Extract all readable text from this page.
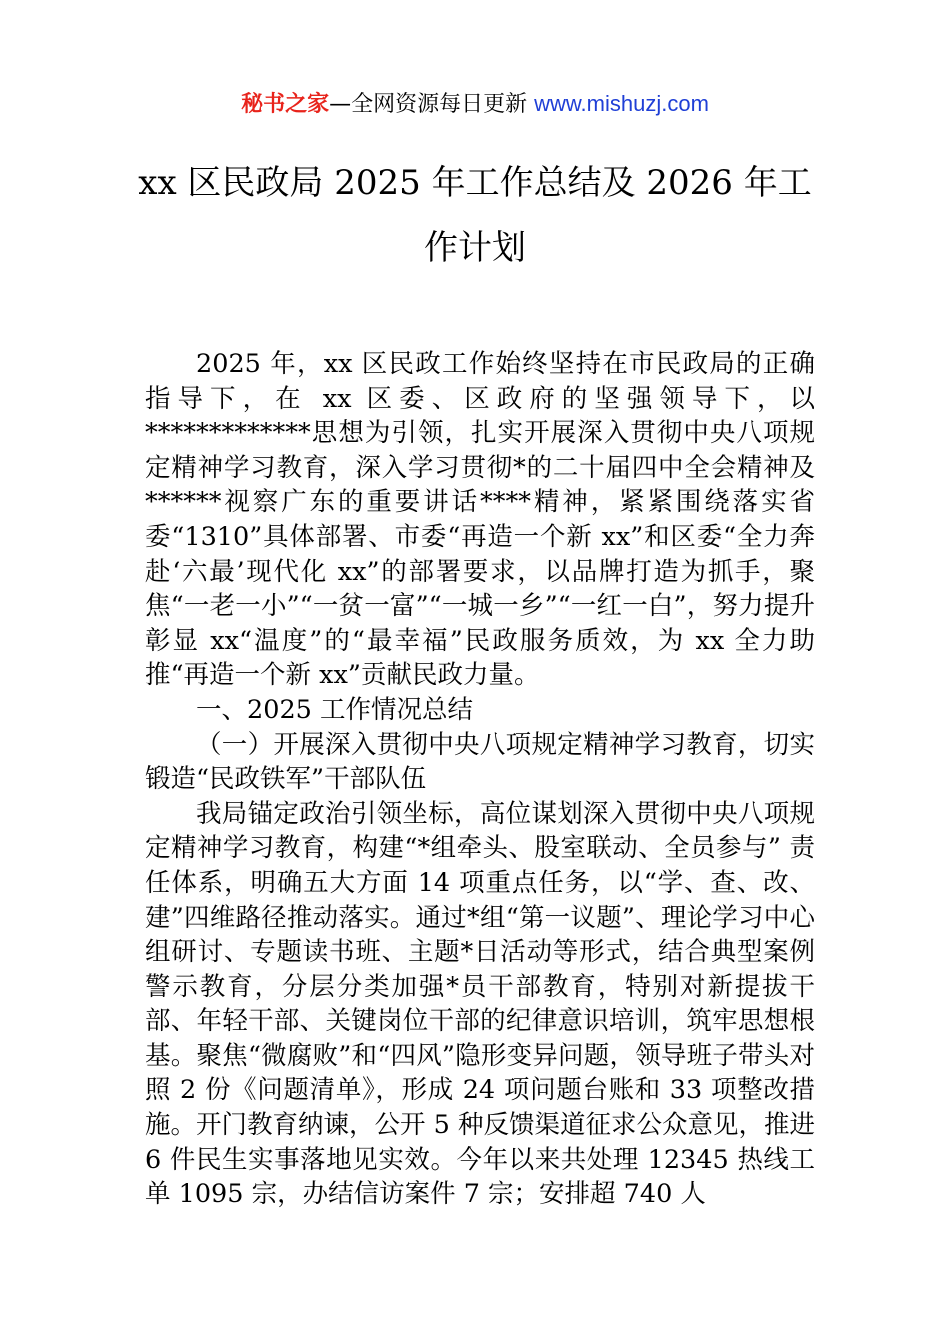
秘书之家—全网资源每日更新 www.mishuzj.com
xx 区民政局 2025 年工作总结及 2026 年工
作计划

2025 年，xx 区民政工作始终坚持在市民政局的正确指导下，在 xx 区委、区政府的坚强领导下，以*************思想为引领，扎实开展深入贯彻中央八项规定精神学习教育，深入学习贯彻*的二十届四中全会精神及******视察广东的重要讲话****精神，紧紧围绕落实省委“1310”具体部署、市委“再造一个新 xx”和区委“全力奔赴‘六最’现代化 xx”的部署要求，以品牌打造为抓手，聚焦“一老一小”“一贫一富”“一城一乡”“一红一白”，努力提升彰显 xx“温度”的“最幸福”民政服务质效，为 xx 全力助推“再造一个新 xx”贡献民政力量。

一、2025 工作情况总结

（一）开展深入贯彻中央八项规定精神学习教育，切实锻造“民政铁军”干部队伍

我局锚定政治引领坐标，高位谋划深入贯彻中央八项规定精神学习教育，构建“*组牵头、股室联动、全员参与” 责任体系，明确五大方面 14 项重点任务，以“学、查、改、建”四维路径推动落实。通过*组“第一议题”、理论学习中心组研讨、专题读书班、主题*日活动等形式，结合典型案例警示教育，分层分类加强*员干部教育，特别对新提拔干部、年轻干部、关键岗位干部的纪律意识培训，筑牢思想根基。聚焦“微腐败”和“四风”隐形变异问题，领导班子带头对照 2 份《问题清单》，形成 24 项问题台账和 33 项整改措施。开门教育纳谏，公开 5 种反馈渠道征求公众意见，推进 6 件民生实事落地见实效。今年以来共处理 12345 热线工单 1095 宗，办结信访案件 7 宗；安排超 740 人
